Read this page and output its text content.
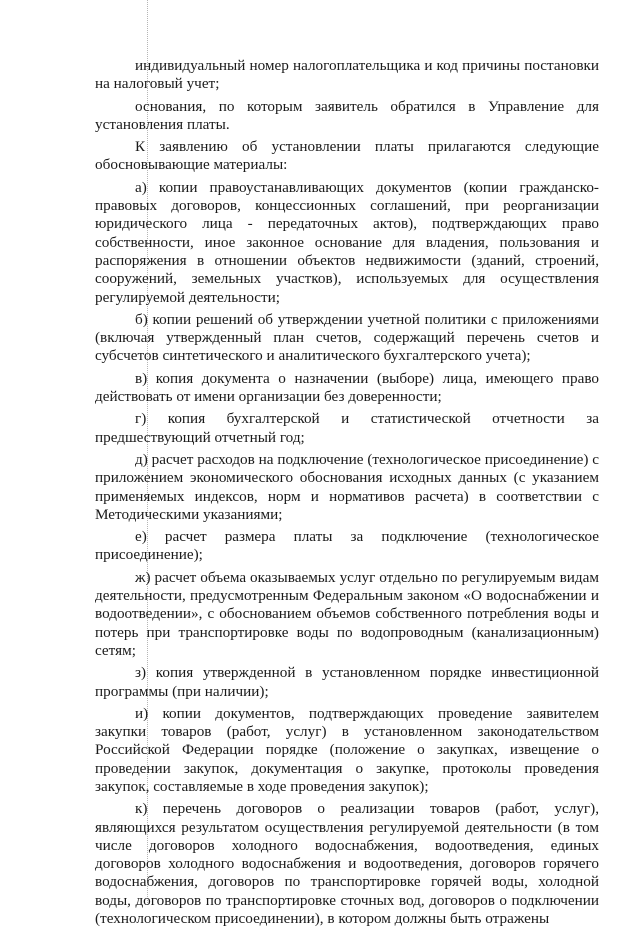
индивидуальный номер налогоплательщика и код причины постановки на налоговый учет;

основания, по которым заявитель обратился в Управление для установления платы.

К заявлению об установлении платы прилагаются следующие обосновывающие материалы:

а) копии правоустанавливающих документов (копии гражданско-правовых договоров, концессионных соглашений, при реорганизации юридического лица - передаточных актов), подтверждающих право собственности, иное законное основание для владения, пользования и распоряжения в отношении объектов недвижимости (зданий, строений, сооружений, земельных участков), используемых для осуществления регулируемой деятельности;

б) копии решений об утверждении учетной политики с приложениями (включая утвержденный план счетов, содержащий перечень счетов и субсчетов синтетического и аналитического бухгалтерского учета);

в) копия документа о назначении (выборе) лица, имеющего право действовать от имени организации без доверенности;

г) копия бухгалтерской и статистической отчетности за предшествующий отчетный год;

д) расчет расходов на подключение (технологическое присоединение) с приложением экономического обоснования исходных данных (с указанием применяемых индексов, норм и нормативов расчета) в соответствии с Методическими указаниями;

е) расчет размера платы за подключение (технологическое присоединение);

ж) расчет объема оказываемых услуг отдельно по регулируемым видам деятельности, предусмотренным Федеральным законом «О водоснабжении и водоотведении», с обоснованием объемов собственного потребления воды и потерь при транспортировке воды по водопроводным (канализационным) сетям;

з) копия утвержденной в установленном порядке инвестиционной программы (при наличии);

и) копии документов, подтверждающих проведение заявителем закупки товаров (работ, услуг) в установленном законодательством Российской Федерации порядке (положение о закупках, извещение о проведении закупок, документация о закупке, протоколы проведения закупок, составляемые в ходе проведения закупок);

к) перечень договоров о реализации товаров (работ, услуг), являющихся результатом осуществления регулируемой деятельности (в том числе договоров холодного водоснабжения, водоотведения, единых договоров холодного водоснабжения и водоотведения, договоров горячего водоснабжения, договоров по транспортировке горячей воды, холодной воды, договоров по транспортировке сточных вод, договоров о подключении (технологическом присоединении), в котором должны быть отражены
